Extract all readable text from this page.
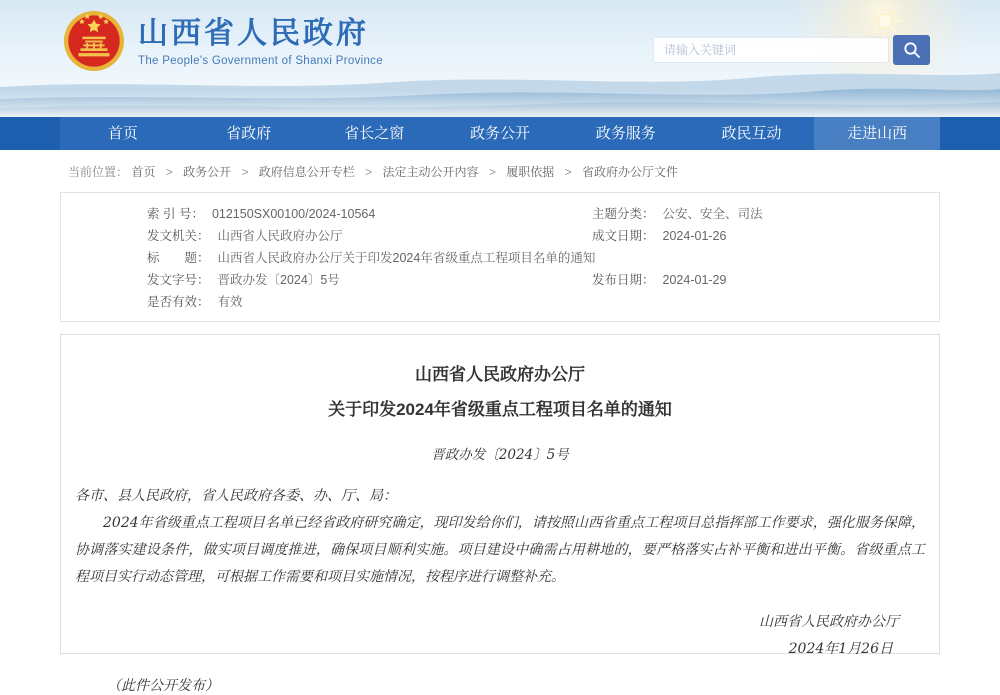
山西省人民政府
The People's Government of Shanxi Province
请输入关键词
首页	省政府	省长之窗	政务公开	政务服务	政民互动	走进山西
当前位置： 首页 > 政务公开 > 政府信息公开专栏 > 法定主动公开内容 > 履职依据 > 省政府办公厅文件
索 引 号： 012150SX00100/2024-10564	主题分类： 公安、安全、司法
发文机关： 山西省人民政府办公厅	成文日期： 2024-01-26
标　　题： 山西省人民政府办公厅关于印发2024年省级重点工程项目名单的通知
发文字号： 晋政办发〔2024〕5号	发布日期： 2024-01-29
是否有效： 有效
山西省人民政府办公厅
关于印发2024年省级重点工程项目名单的通知
晋政办发〔2024〕5号
各市、县人民政府，省人民政府各委、办、厅、局：
2024年省级重点工程项目名单已经省政府研究确定，现印发给你们，请按照山西省重点工程项目总指挥部工作要求，强化服务保障，协调落实建设条件，做实项目调度推进，确保项目顺利实施。项目建设中确需占用耕地的，要严格落实占补平衡和进出平衡。省级重点工程项目实行动态管理，可根据工作需要和项目实施情况，按程序进行调整补充。
山西省人民政府办公厅
2024年1月26日
（此件公开发布）
